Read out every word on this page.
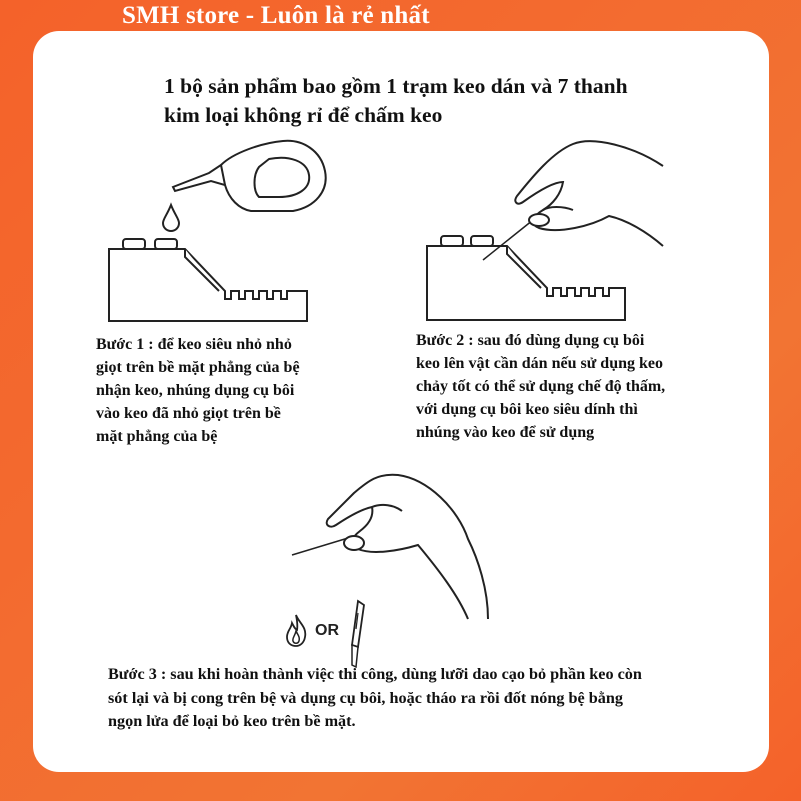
SMH store - Luôn là rẻ nhất
1 bộ sản phẩm bao gồm 1 trạm keo dán và 7 thanh
kim loại không rỉ để chấm keo
Bước 1 : để keo siêu nhỏ nhỏ
giọt trên bề mặt phẳng của bệ
nhận keo, nhúng dụng cụ bôi
vào keo đã nhỏ giọt trên bề
mặt phẳng của bệ
Bước 2 : sau đó dùng dụng cụ bôi
keo lên vật cần dán nếu sử dụng keo
chảy tốt có thể sử dụng chế độ thấm,
với dụng cụ bôi keo siêu dính thì
nhúng vào keo để sử dụng
OR
Bước 3 : sau khi hoàn thành việc thi công, dùng lưỡi dao cạo bỏ phần keo còn
sót lại và bị cong trên bệ và dụng cụ bôi, hoặc tháo ra rồi đốt nóng bệ bằng
ngọn lửa để loại bỏ keo trên bề mặt.
